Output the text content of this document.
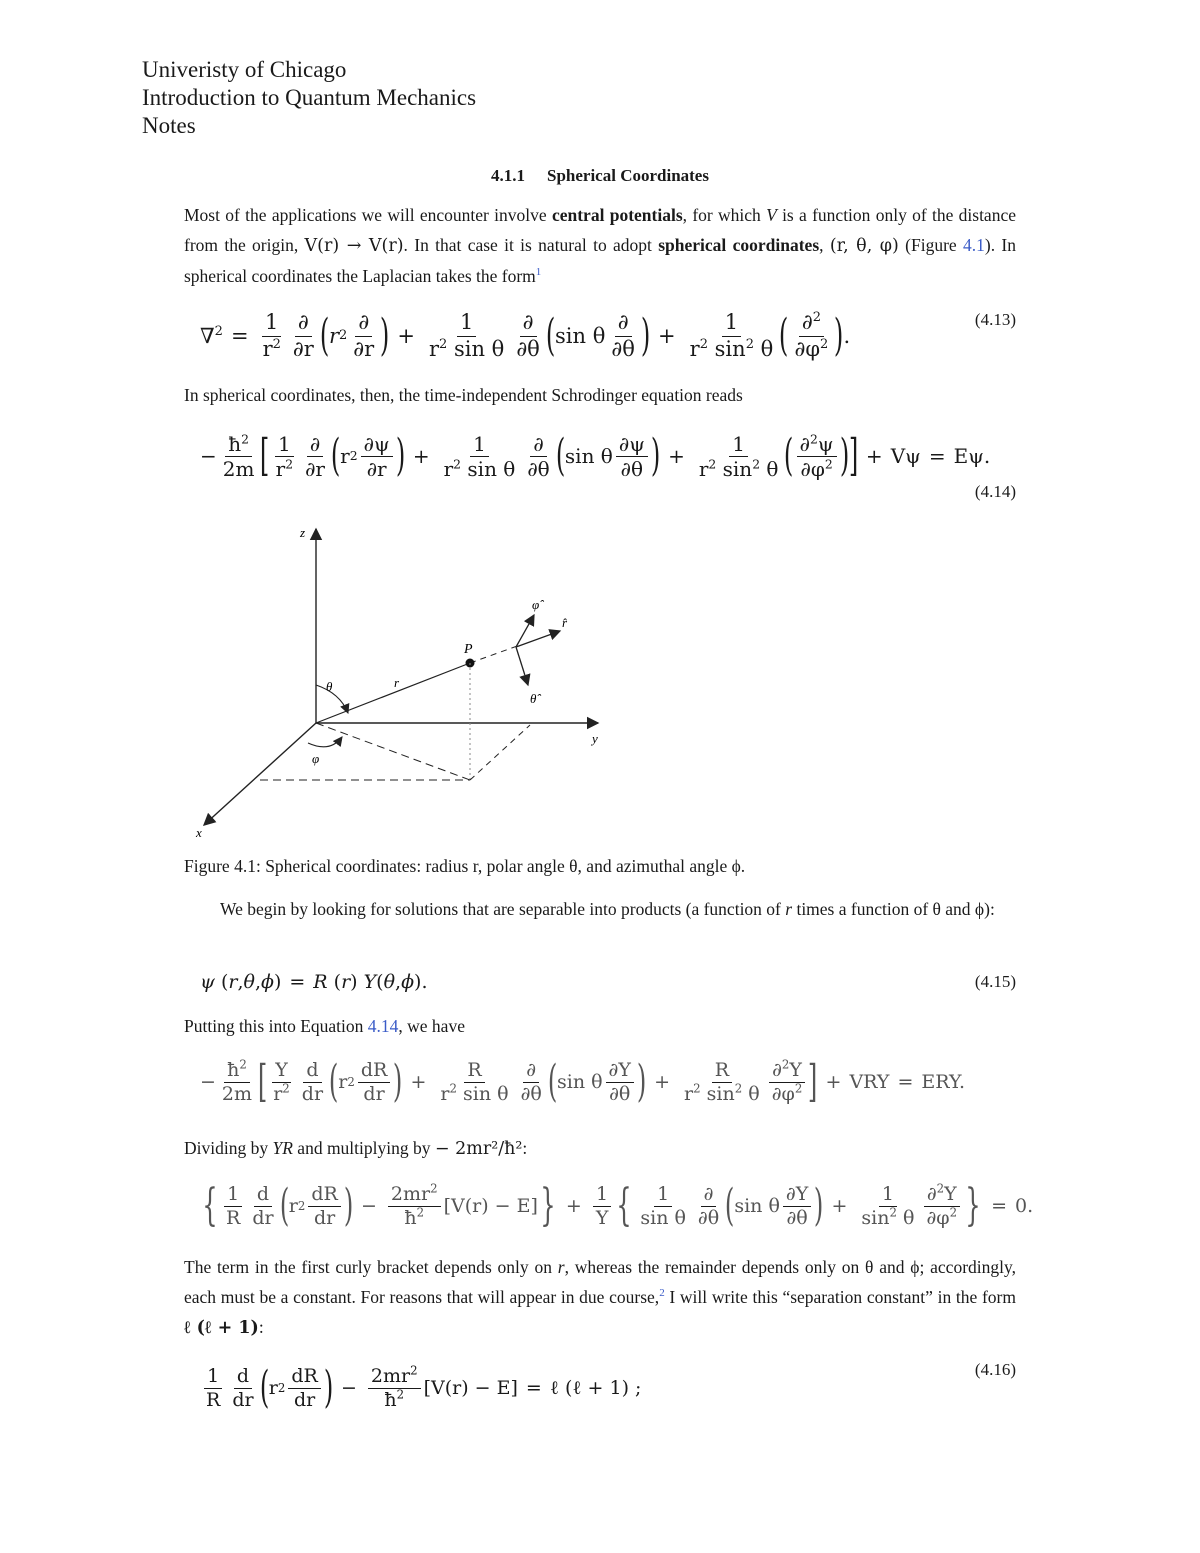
Univeristy of Chicago
Introduction to Quantum Mechanics
Notes
4.1.1 Spherical Coordinates
Most of the applications we will encounter involve central potentials, for which V is a function only of the distance from the origin, V(r) → V(r). In that case it is natural to adopt spherical coordinates, (r, θ, φ) (Figure 4.1). In spherical coordinates the Laplacian takes the form$^1$
$\nabla^2 = \frac{1}{r^2} \frac{\partial}{\partial r}$ ( r $2 \frac{\partial}{\partial r}$ ) + $\frac{1}{r^2 \sin \theta} \frac{\partial}{\partial\theta}$ ( sin θ $\frac{\partial}{\partial\theta}$ ) + $\frac{1}{r^2 \sin^2 \theta}$ ( $\frac{\partial^2}{\partial\varphi^2}$ ) .
(4.13)
In spherical coordinates, then, the time-independent Schrodinger equation reads
− $\frac{ħ^2}{2m}$ [ $\frac{1}{r^2} \frac{\partial}{\partial r}$ ( r $2 \frac{\partial\psi}{\partial r}$ ) + $\frac{1}{r^2 \sin \theta} \frac{\partial}{\partial\theta}$ ( sin θ $\frac{\partial\psi}{\partial\theta}$ ) + $\frac{1}{r^2 \sin^2 \theta}$ ( $\frac{\partial^2\psi}{\partial\varphi^2}$ ) ] + Vψ = Eψ.
(4.14)
z
y
x
P
r
θ
φ
r̂
φ̂
θ̂
Figure 4.1: Spherical coordinates: radius r, polar angle θ, and azimuthal angle ϕ.
We begin by looking for solutions that are separable into products (a function of r times a function of θ and ϕ):
ψ ( r , θ , ϕ ) = R ( r ) Y ( θ , ϕ ).	(4.15)
Putting this into Equation 4.14, we have
− $\frac{ħ^2}{2m}$ [ $\frac{Y}{r^2} \frac{d}{dr}$ ( r $2 \frac{dR}{dr}$ ) + $\frac{R}{r^2 \sin \theta} \frac{\partial}{\partial\theta}$ ( sin θ $\frac{\partial Y}{\partial\theta}$ ) + $\frac{R}{r^2 \sin^2 \theta} \frac{\partial^2Y}{\partial\varphi^2}$ ] + VRY = ERY.
Dividing by YR and multiplying by − 2mr²/ħ²:
{ $\frac{1}{R} \frac{d}{dr}$ ( r $2 \frac{dR}{dr}$ ) − $\frac{2mr^2}{ħ^2} [V(r) - E]$ } + $\frac{1}{Y}$ { $\frac{1}{\text{sin θ}} \frac{\partial}{\partial\theta}$ ( sin θ $\frac{\partial Y}{\partial\theta}$ ) + $\frac{1}{\sin^2 \theta} \frac{\partial^2Y}{\partial\varphi^2}$ } = 0.
The term in the first curly bracket depends only on r, whereas the remainder depends only on θ and ϕ; accordingly, each must be a constant. For reasons that will appear in due course,$^2$ I will write this “separation constant” in the form ℓ (ℓ + 1):
$\frac{1}{R} \frac{d}{dr}$ ( r $2 \frac{dR}{dr}$ ) − $\frac{2mr^2}{ħ^2} [V(r) - E]$ = ℓ (ℓ + 1) ;
(4.16)
